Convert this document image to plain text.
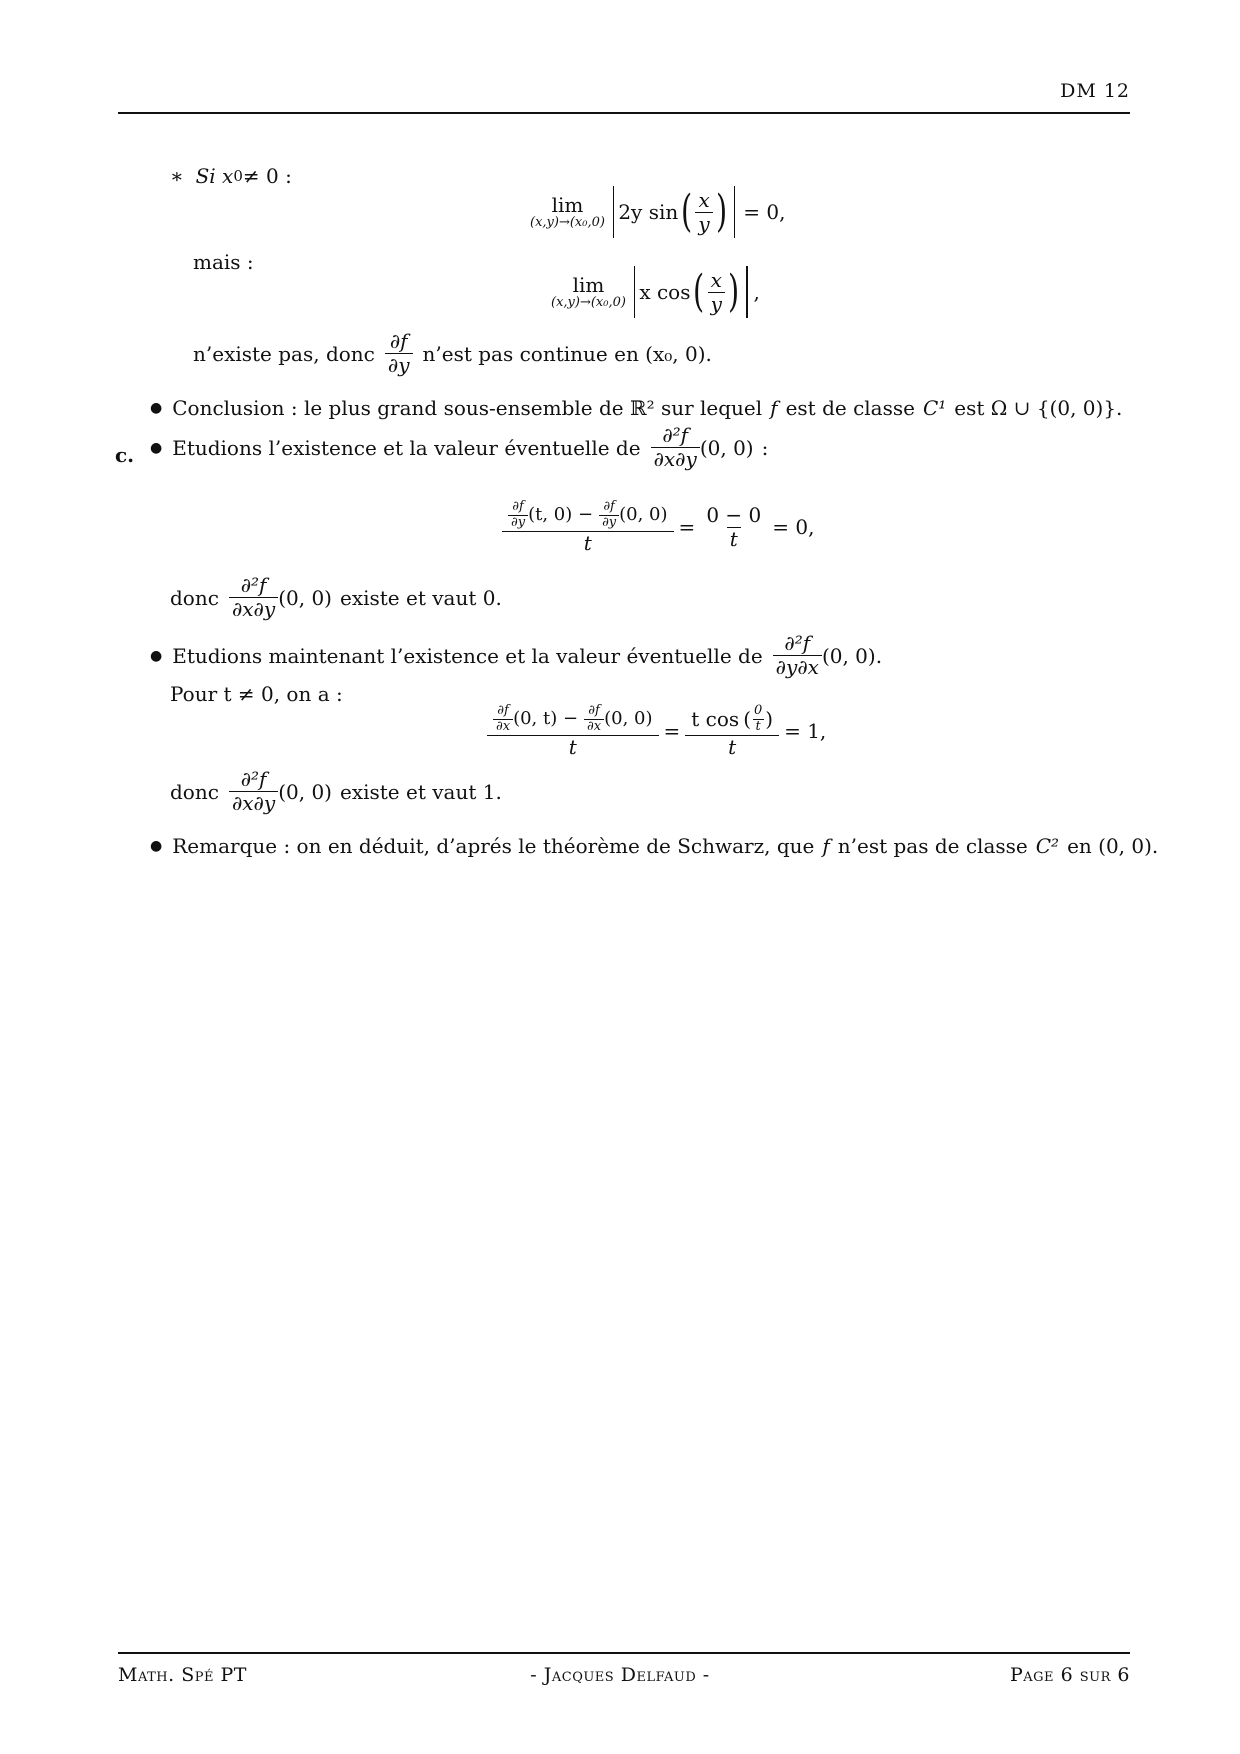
DM 12
∗ Si x 0 ≠ 0 :
lim
(x,y)→(x₀,0) 2y sin ( $\frac{x}{y}$ ) = 0,
mais :
lim
(x,y)→(x₀,0) x cos ( $\frac{x}{y}$ ) ,
n’existe pas, donc $\frac{\partial f}{\partial y}$ n’est pas continue en (x₀, 0).
● Conclusion : le plus grand sous-ensemble de ℝ² sur lequel f est de classe C¹ est Ω ∪ {(0, 0)}.
c. ● Etudions l’existence et la valeur éventuelle de $\frac{\text{∂²f}}{\partial x\partial y} (0$, 0) :
$\frac{\frac{\partial f}{\partial y} (t, 0) - \frac{\partial f}{\partial y} (0, 0)}{t} = \frac{0 - 0}{t} = 0$,
donc $\frac{\text{∂²f}}{\partial x\partial y} (0$, 0) existe et vaut 0.
● Etudions maintenant l’existence et la valeur éventuelle de $\frac{\text{∂²f}}{\partial y\partial x} (0$, 0) .
Pour t ≠ 0, on a :
$\frac{\frac{\partial f}{\partial x} (0, t) - \frac{\partial f}{\partial x} (0, 0)}{t} = \frac{t \cos ( \frac{0}{t} )}{t} = 1$,
donc $\frac{\text{∂²f}}{\partial x\partial y} (0$, 0) existe et vaut 1.
● Remarque : on en déduit, d’aprés le théorème de Schwarz, que f n’est pas de classe C² en (0, 0).
Math. Spé PT	- Jacques Delfaud -	Page 6 sur 6
